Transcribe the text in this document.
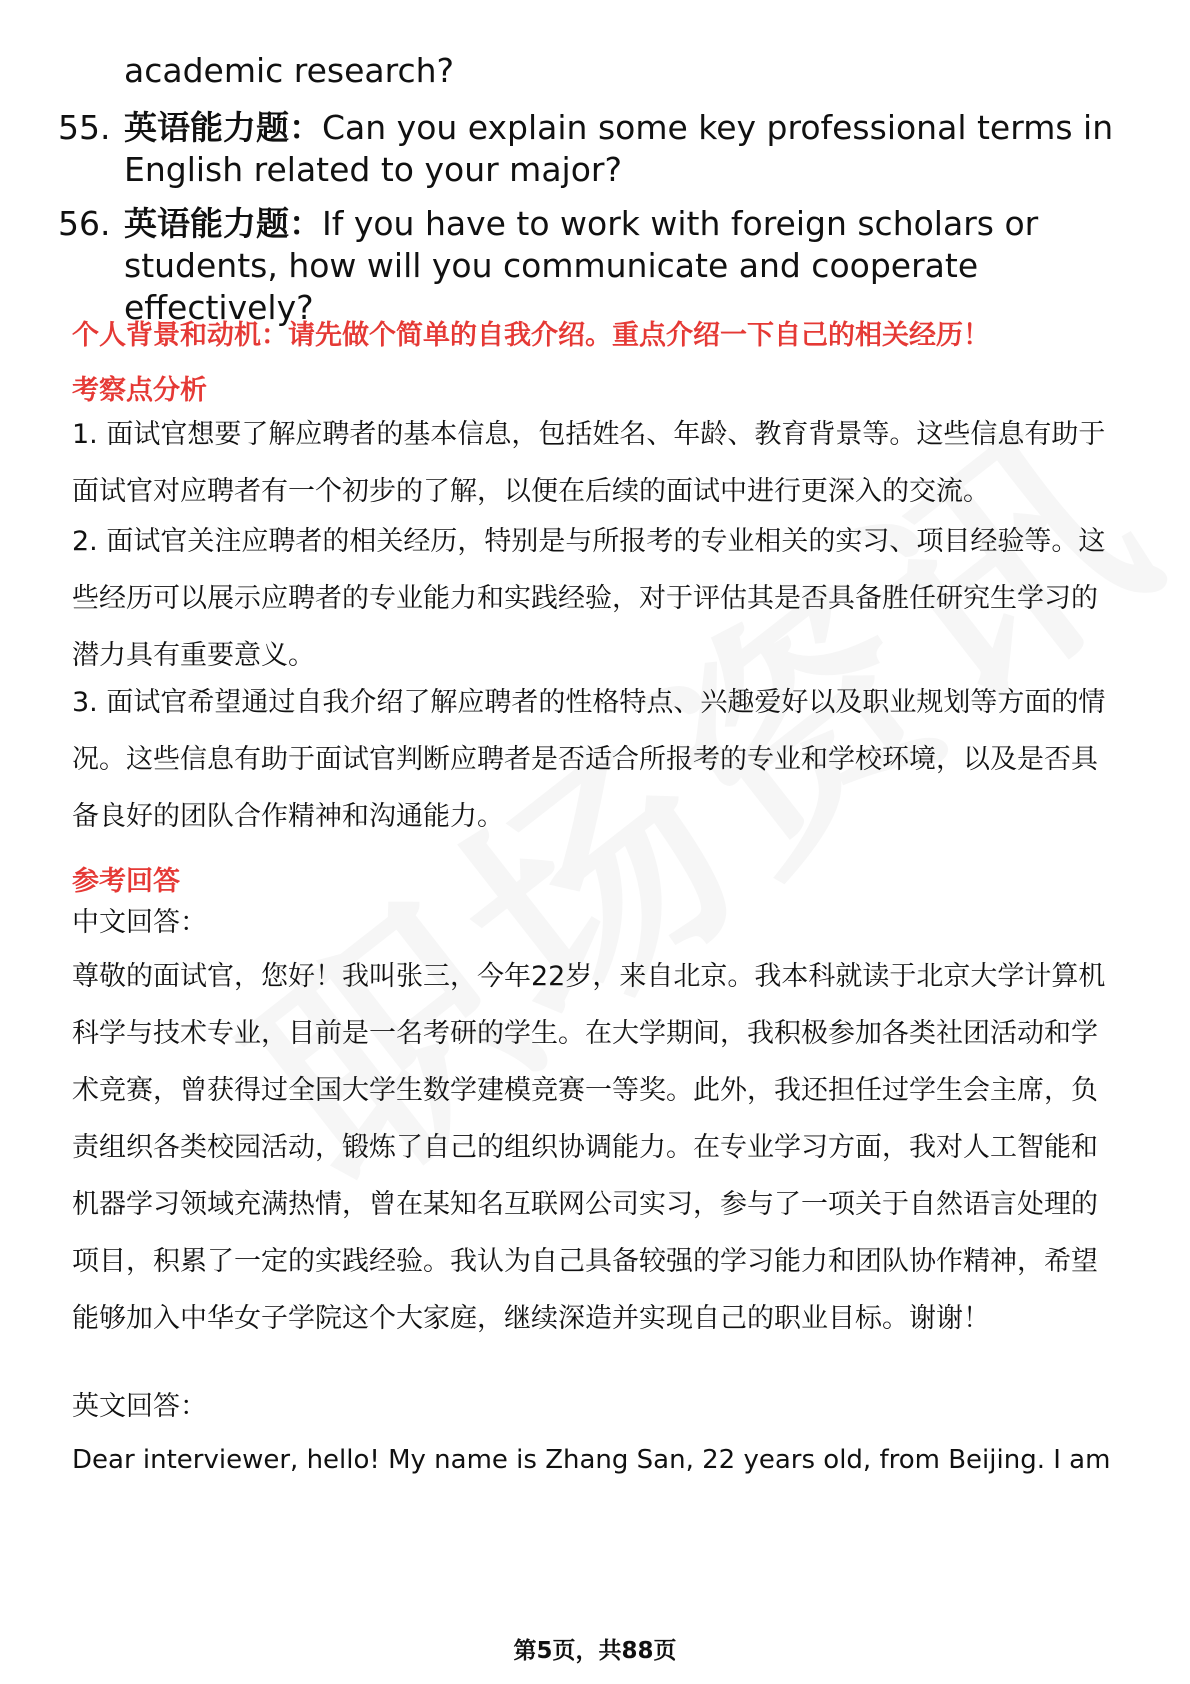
academic research?
55. 英语能力题：Can you explain some key professional terms in English related to your major?
56. 英语能力题：If you have to work with foreign scholars or students, how will you communicate and cooperate effectively?
个人背景和动机：请先做个简单的自我介绍。重点介绍一下自己的相关经历！
考察点分析
1. 面试官想要了解应聘者的基本信息，包括姓名、年龄、教育背景等。这些信息有助于面试官对应聘者有一个初步的了解，以便在后续的面试中进行更深入的交流。
2. 面试官关注应聘者的相关经历，特别是与所报考的专业相关的实习、项目经验等。这些经历可以展示应聘者的专业能力和实践经验，对于评估其是否具备胜任研究生学习的潜力具有重要意义。
3. 面试官希望通过自我介绍了解应聘者的性格特点、兴趣爱好以及职业规划等方面的情况。这些信息有助于面试官判断应聘者是否适合所报考的专业和学校环境，以及是否具备良好的团队合作精神和沟通能力。
参考回答
中文回答：
尊敬的面试官，您好！我叫张三，今年22岁，来自北京。我本科就读于北京大学计算机科学与技术专业，目前是一名考研的学生。在大学期间，我积极参加各类社团活动和学术竞赛，曾获得过全国大学生数学建模竞赛一等奖。此外，我还担任过学生会主席，负责组织各类校园活动，锻炼了自己的组织协调能力。在专业学习方面，我对人工智能和机器学习领域充满热情，曾在某知名互联网公司实习，参与了一项关于自然语言处理的项目，积累了一定的实践经验。我认为自己具备较强的学习能力和团队协作精神，希望能够加入中华女子学院这个大家庭，继续深造并实现自己的职业目标。谢谢！
英文回答：
Dear interviewer, hello! My name is Zhang San, 22 years old, from Beijing. I am
第5页，共88页
